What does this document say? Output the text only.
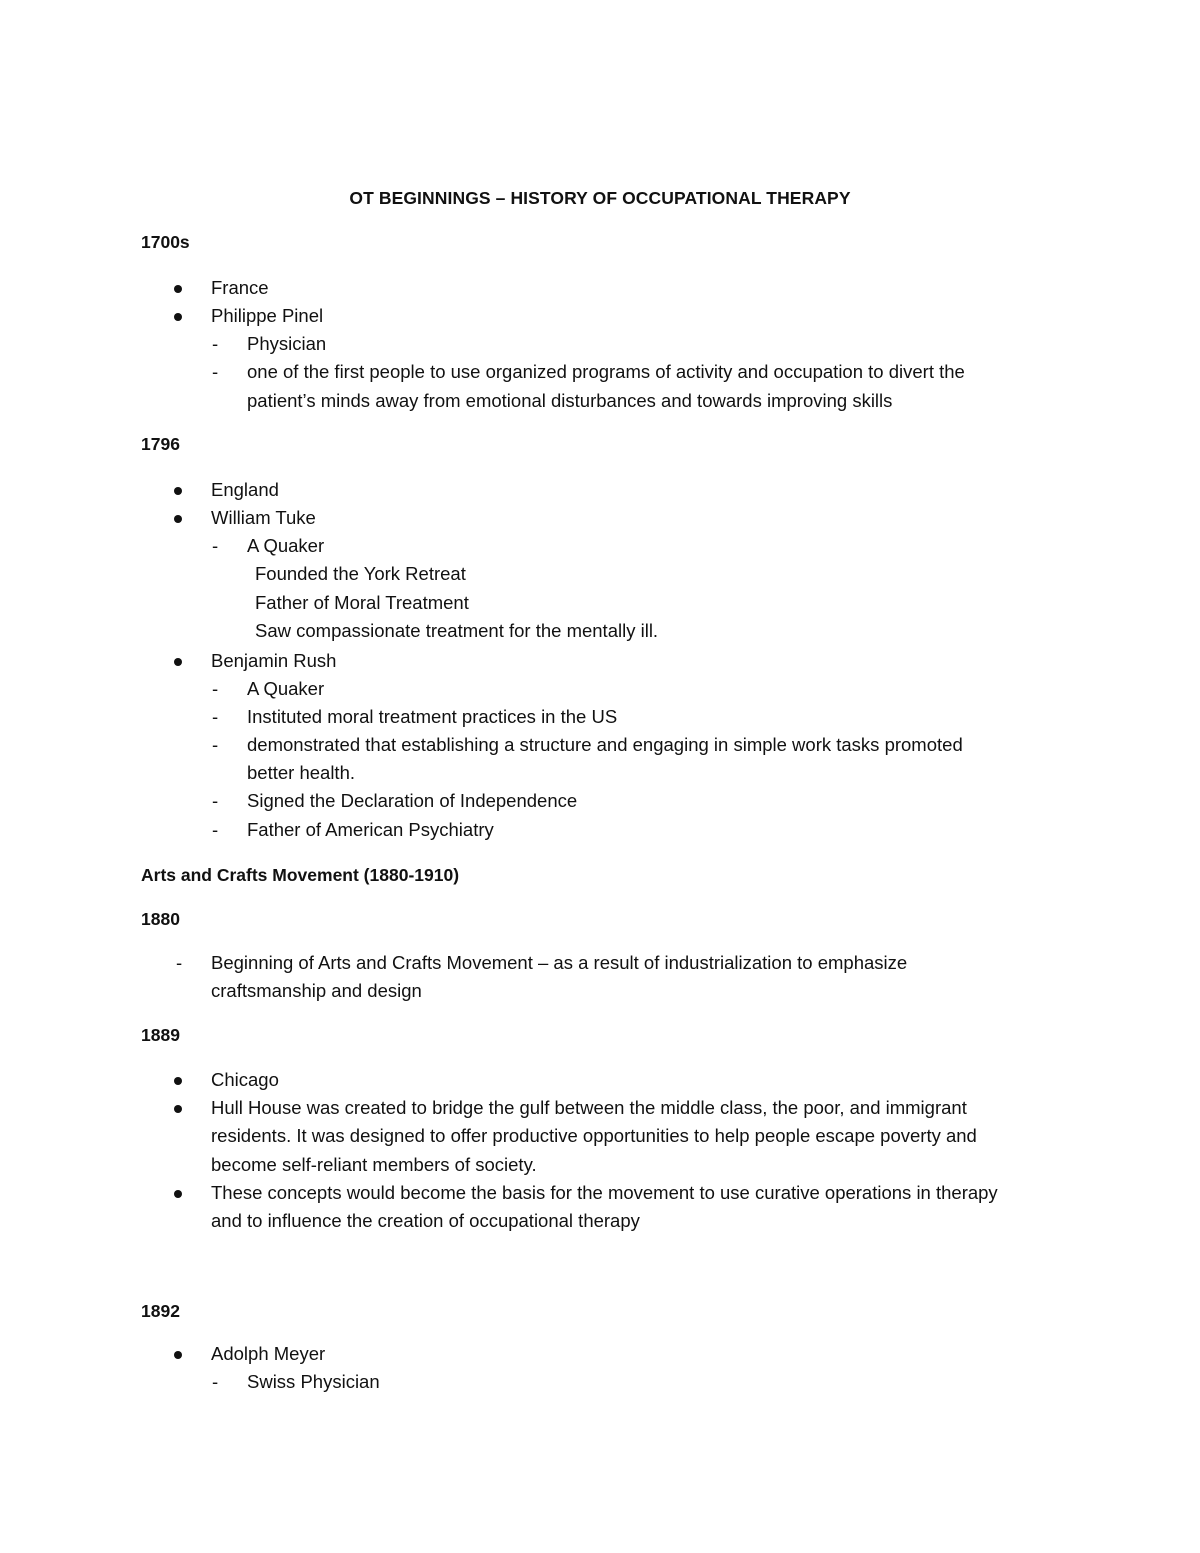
OT BEGINNINGS – HISTORY OF OCCUPATIONAL THERAPY
1700s
France
Philippe Pinel
- Physician
- one of the first people to use organized programs of activity and occupation to divert the
patient’s minds away from emotional disturbances and towards improving skills
1796
England
William Tuke
- A Quaker
Founded the York Retreat
Father of Moral Treatment
Saw compassionate treatment for the mentally ill.
Benjamin Rush
- A Quaker
- Instituted moral treatment practices in the US
- demonstrated that establishing a structure and engaging in simple work tasks promoted
better health.
- Signed the Declaration of Independence
- Father of American Psychiatry
Arts and Crafts Movement (1880-1910)
1880
- Beginning of Arts and Crafts Movement – as a result of industrialization to emphasize
craftsmanship and design
1889
Chicago
Hull House was created to bridge the gulf between the middle class, the poor, and immigrant
residents. It was designed to offer productive opportunities to help people escape poverty and
become self-reliant members of society.
These concepts would become the basis for the movement to use curative operations in therapy
and to influence the creation of occupational therapy
1892
Adolph Meyer
- Swiss Physician
